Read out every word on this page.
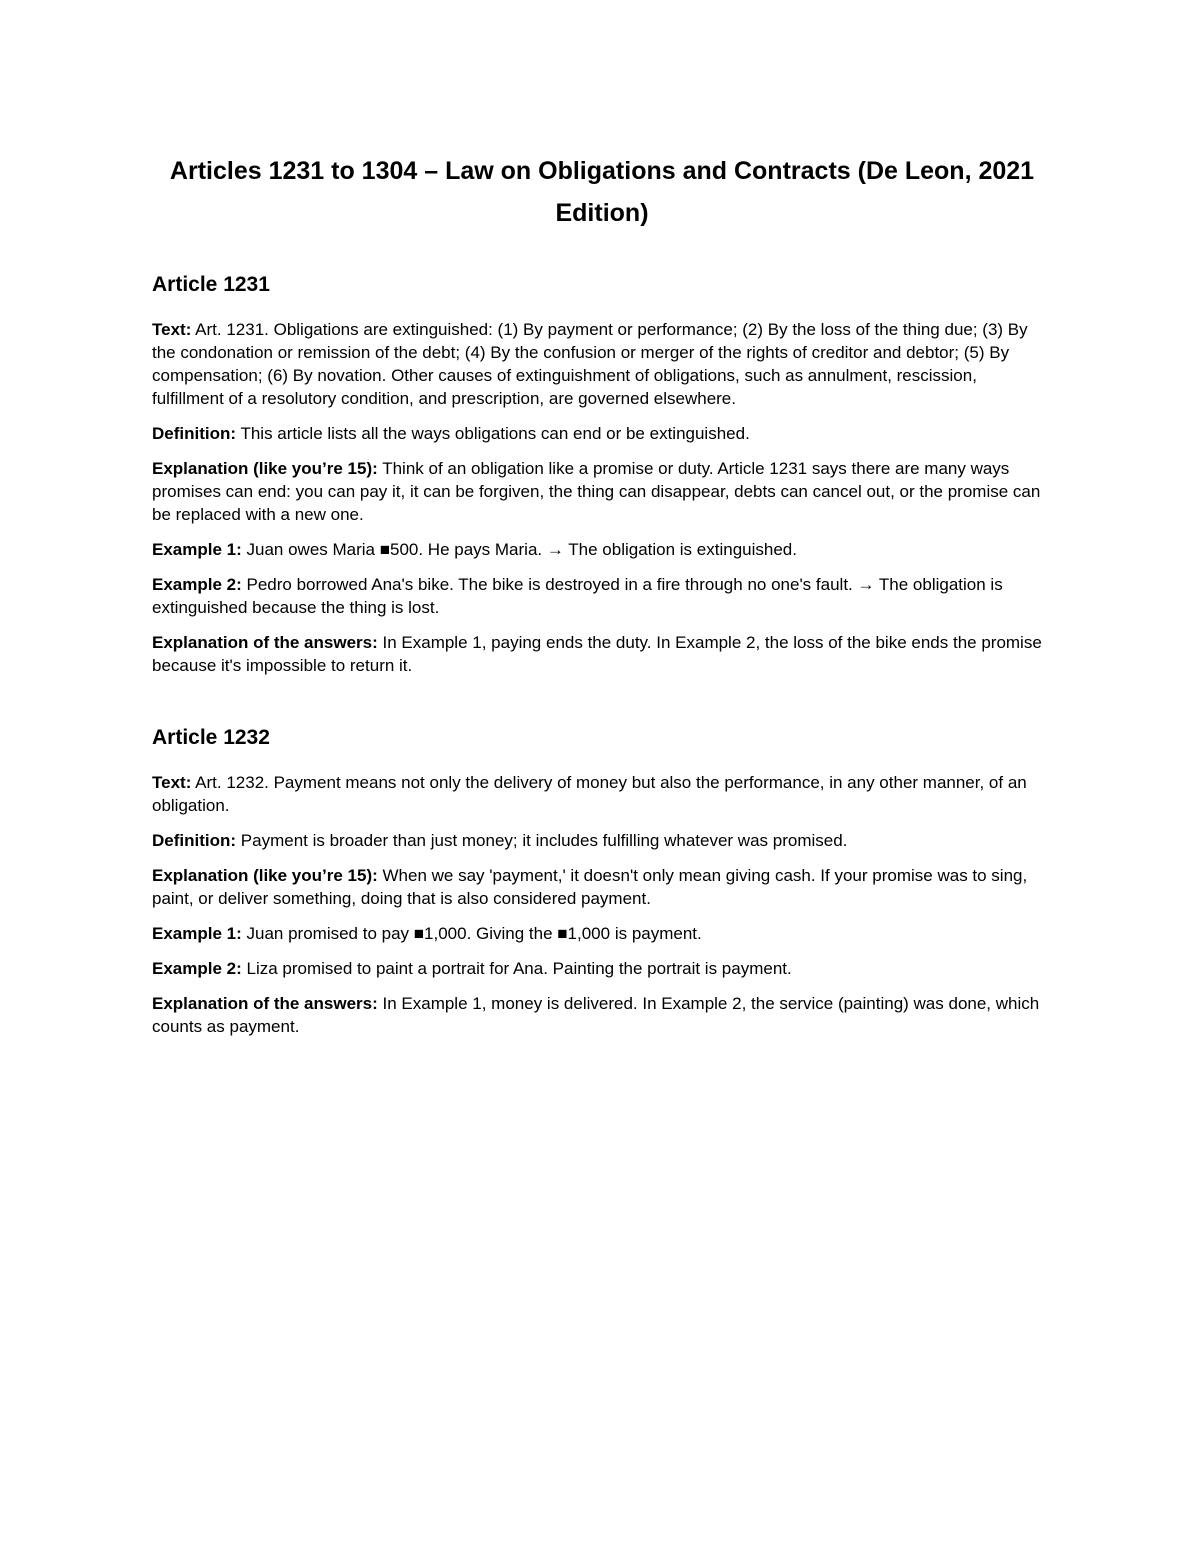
Articles 1231 to 1304 – Law on Obligations and Contracts (De Leon, 2021 Edition)
Article 1231

Text: Art. 1231. Obligations are extinguished: (1) By payment or performance; (2) By the loss of the thing due; (3) By the condonation or remission of the debt; (4) By the confusion or merger of the rights of creditor and debtor; (5) By compensation; (6) By novation. Other causes of extinguishment of obligations, such as annulment, rescission, fulfillment of a resolutory condition, and prescription, are governed elsewhere.

Definition: This article lists all the ways obligations can end or be extinguished.

Explanation (like you’re 15): Think of an obligation like a promise or duty. Article 1231 says there are many ways promises can end: you can pay it, it can be forgiven, the thing can disappear, debts can cancel out, or the promise can be replaced with a new one.

Example 1: Juan owes Maria ■500. He pays Maria. → The obligation is extinguished.

Example 2: Pedro borrowed Ana's bike. The bike is destroyed in a fire through no one's fault. → The obligation is extinguished because the thing is lost.

Explanation of the answers: In Example 1, paying ends the duty. In Example 2, the loss of the bike ends the promise because it's impossible to return it.

Article 1232

Text: Art. 1232. Payment means not only the delivery of money but also the performance, in any other manner, of an obligation.

Definition: Payment is broader than just money; it includes fulfilling whatever was promised.

Explanation (like you’re 15): When we say 'payment,' it doesn't only mean giving cash. If your promise was to sing, paint, or deliver something, doing that is also considered payment.

Example 1: Juan promised to pay ■1,000. Giving the ■1,000 is payment.

Example 2: Liza promised to paint a portrait for Ana. Painting the portrait is payment.

Explanation of the answers: In Example 1, money is delivered. In Example 2, the service (painting) was done, which counts as payment.
